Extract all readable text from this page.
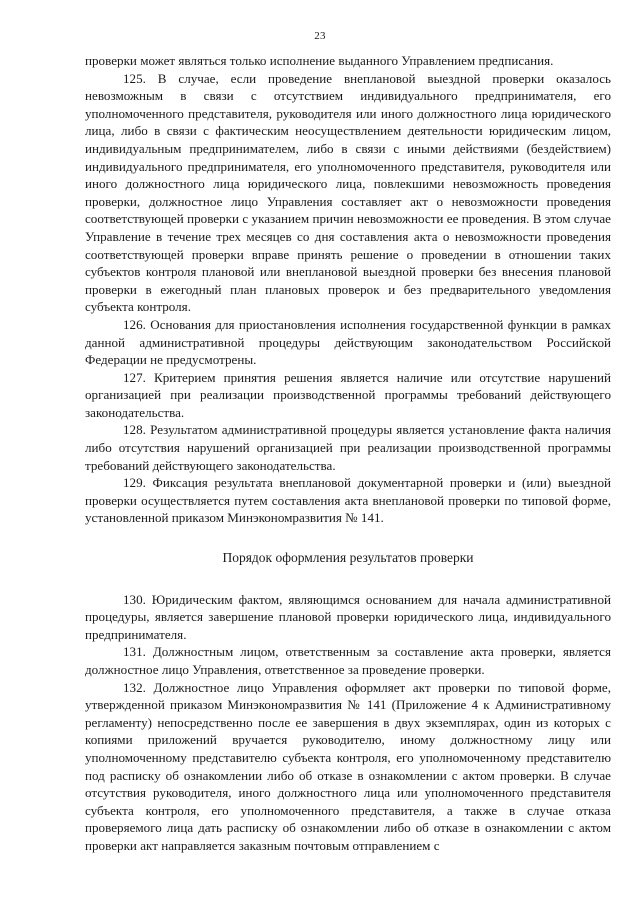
23

проверки может являться только исполнение выданного Управлением предписания.

125. В случае, если проведение внеплановой выездной проверки оказалось невозможным в связи с отсутствием индивидуального предпринимателя, его уполномоченного представителя, руководителя или иного должностного лица юридического лица, либо в связи с фактическим неосуществлением деятельности юридическим лицом, индивидуальным предпринимателем, либо в связи с иными действиями (бездействием) индивидуального предпринимателя, его уполномоченного представителя, руководителя или иного должностного лица юридического лица, повлекшими невозможность проведения проверки, должностное лицо Управления составляет акт о невозможности проведения соответствующей проверки с указанием причин невозможности ее проведения. В этом случае Управление в течение трех месяцев со дня составления акта о невозможности проведения соответствующей проверки вправе принять решение о проведении в отношении таких субъектов контроля плановой или внеплановой выездной проверки без внесения плановой проверки в ежегодный план плановых проверок и без предварительного уведомления субъекта контроля.

126. Основания для приостановления исполнения государственной функции в рамках данной административной процедуры действующим законодательством Российской Федерации не предусмотрены.

127. Критерием принятия решения является наличие или отсутствие нарушений организацией при реализации производственной программы требований действующего законодательства.

128. Результатом административной процедуры является установление факта наличия либо отсутствия нарушений организацией при реализации производственной программы требований действующего законодательства.

129. Фиксация результата внеплановой документарной проверки и (или) выездной проверки осуществляется путем составления акта внеплановой проверки по типовой форме, установленной приказом Минэкономразвития № 141.

Порядок оформления результатов проверки

130. Юридическим фактом, являющимся основанием для начала административной процедуры, является завершение плановой проверки юридического лица, индивидуального предпринимателя.

131. Должностным лицом, ответственным за составление акта проверки, является должностное лицо Управления, ответственное за проведение проверки.

132. Должностное лицо Управления оформляет акт проверки по типовой форме, утвержденной приказом Минэкономразвития № 141 (Приложение 4 к Административному регламенту) непосредственно после ее завершения в двух экземплярах, один из которых с копиями приложений вручается руководителю, иному должностному лицу или уполномоченному представителю субъекта контроля, его уполномоченному представителю под расписку об ознакомлении либо об отказе в ознакомлении с актом проверки. В случае отсутствия руководителя, иного должностного лица или уполномоченного представителя субъекта контроля, его уполномоченного представителя, а также в случае отказа проверяемого лица дать расписку об ознакомлении либо об отказе в ознакомлении с актом проверки акт направляется заказным почтовым отправлением с
